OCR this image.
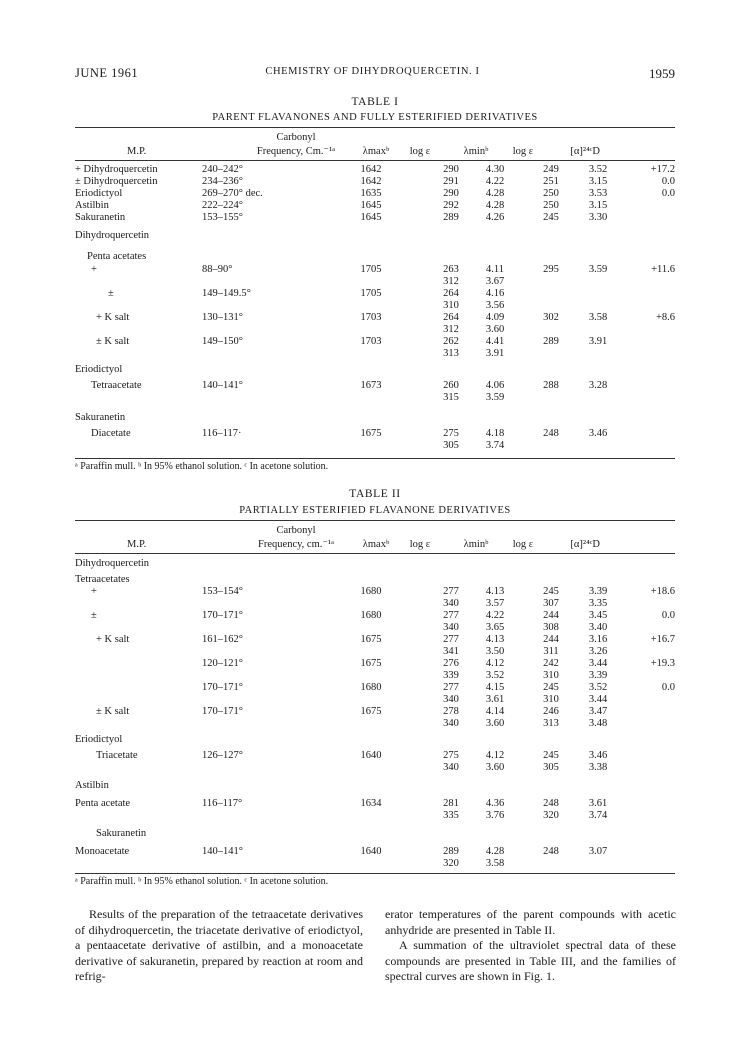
JUNE 1961	CHEMISTRY OF DIHYDROQUERCETIN. I	1959
TABLE I
PARENT FLAVANONES AND FULLY ESTERIFIED DERIVATIVES
Carbonyl
M.P.	Frequency, Cm.⁻¹ᵃ	λmaxᵇ	log ε	λminᵇ	log ε	[α]²⁴ᶜD
+ Dihydroquercetin	240–242°	1642	290	4.30	249	3.52	+17.2
± Dihydroquercetin	234–236°	1642	291	4.22	251	3.15	0.0
Eriodictyol	269–270° dec.	1635	290	4.28	250	3.53	0.0
Astilbin	222–224°	1645	292	4.28	250	3.15
Sakuranetin	153–155°	1645	289	4.26	245	3.30
Dihydroquercetin
Penta acetates
+	88–90°	1705	263	4.11	295	3.59	+11.6
312	3.67
±	149–149.5°	1705	264	4.16
310	3.56
+ K salt	130–131°	1703	264	4.09	302	3.58	+8.6
312	3.60
± K salt	149–150°	1703	262	4.41	289	3.91
313	3.91
Eriodictyol
Tetraacetate	140–141°	1673	260	4.06	288	3.28
315	3.59
Sakuranetin
Diacetate	116–117·	1675	275	4.18	248	3.46
305	3.74
ᵃ Paraffin mull. ᵇ In 95% ethanol solution. ᶜ In acetone solution.
TABLE II
PARTIALLY ESTERIFIED FLAVANONE DERIVATIVES
Carbonyl
M.P.	Frequency, cm.⁻¹ᵃ	λmaxᵇ	log ε	λminᵇ	log ε	[α]²⁴ᶜD
Dihydroquercetin
Tetraacetates
+	153–154°	1680	277	4.13	245	3.39	+18.6
340	3.57	307	3.35
±	170–171°	1680	277	4.22	244	3.45	0.0
340	3.65	308	3.40
+ K salt	161–162°	1675	277	4.13	244	3.16	+16.7
341	3.50	311	3.26
120–121°	1675	276	4.12	242	3.44	+19.3
339	3.52	310	3.39
170–171°	1680	277	4.15	245	3.52	0.0
340	3.61	310	3.44
± K salt	170–171°	1675	278	4.14	246	3.47
340	3.60	313	3.48
Eriodictyol
Triacetate	126–127°	1640	275	4.12	245	3.46
340	3.60	305	3.38
Astilbin
Penta acetate	116–117°	1634	281	4.36	248	3.61
335	3.76	320	3.74
Sakuranetin
Monoacetate	140–141°	1640	289	4.28	248	3.07
320	3.58
ᵃ Paraffin mull. ᵇ In 95% ethanol solution. ᶜ In acetone solution.
Results of the preparation of the tetraacetate derivatives of dihydroquercetin, the triacetate derivative of eriodictyol, a pentaacetate derivative of astilbin, and a monoacetate derivative of sakuranetin, prepared by reaction at room and refrig-
erator temperatures of the parent compounds with acetic anhydride are presented in Table II.
A summation of the ultraviolet spectral data of these compounds are presented in Table III, and the families of spectral curves are shown in Fig. 1.
